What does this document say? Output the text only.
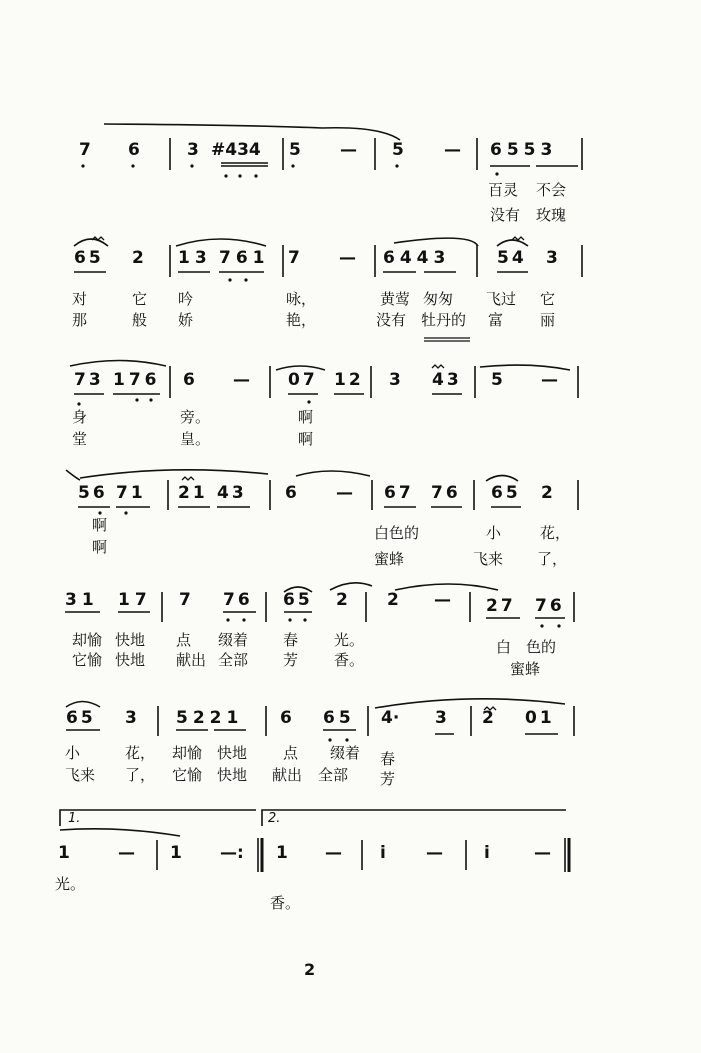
7 6	3 #434 5 — 5 — 6553
百灵 不会
没有 玫瑰
65 2 13 761 7 — 6443	54 3
对	它 吟	咏，	黄莺 匆匆 飞过 它
那	般 娇	艳，	没有 牡丹的 富 丽
73 176 6 — 07 12 3 43 5 —
身	旁。	啊
堂	皇。	啊
56 71 21 43 6 — 67 76 65 2
啊	白色的	小	花，
啊
蜜蜂	飞来 了，
31 17 7 76 65 2 2 — 27 76
却愉 快地 点 缀着 春 光。	白 色的
它愉 快地 献出 全部 芳 香。	蜜蜂
65 3 5221 6 65 4· 3 2 01
小	花， 却愉 快地 点 缀着 春
飞来 了， 它愉 快地 献出 全部 芳
1.	2.
1	— 1 —: 1 — i — i	—
光。
香。
2
